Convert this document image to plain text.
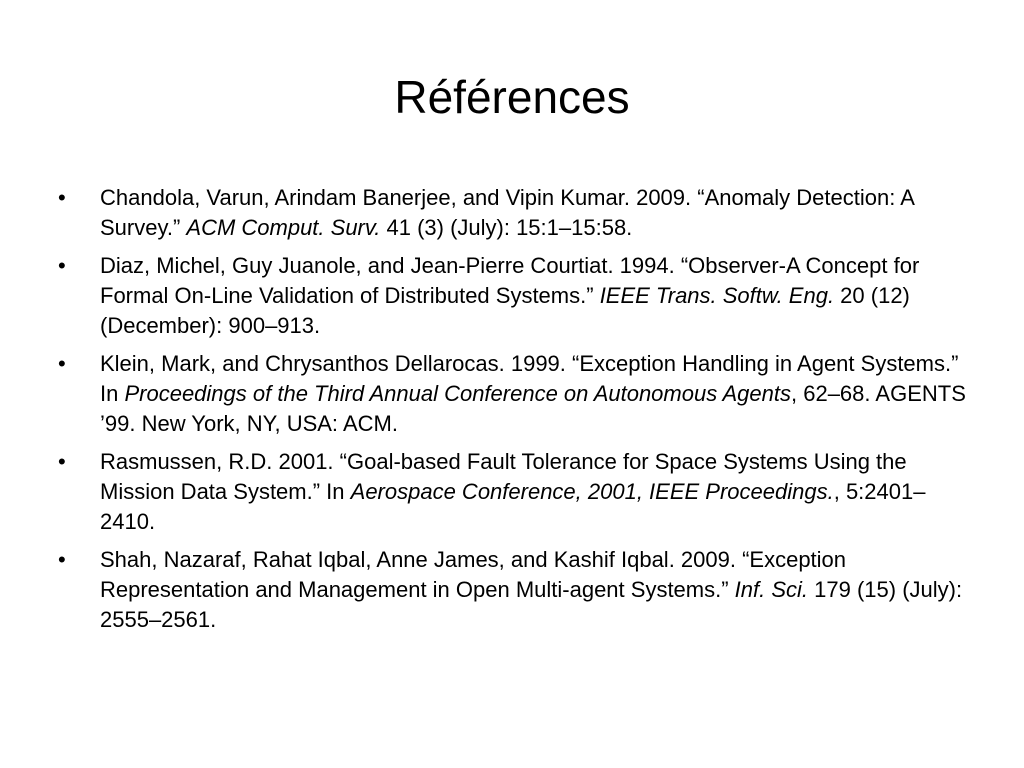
Références
•	Chandola, Varun, Arindam Banerjee, and Vipin Kumar. 2009. “Anomaly Detection: A Survey.” ACM Comput. Surv. 41 (3) (July): 15:1–15:58.
•	Diaz, Michel, Guy Juanole, and Jean-Pierre Courtiat. 1994. “Observer-A Concept for Formal On-Line Validation of Distributed Systems.” IEEE Trans. Softw. Eng. 20 (12) (December): 900–913.
•	Klein, Mark, and Chrysanthos Dellarocas. 1999. “Exception Handling in Agent Systems.” In Proceedings of the Third Annual Conference on Autonomous Agents, 62–68. AGENTS ’99. New York, NY, USA: ACM.
•	Rasmussen, R.D. 2001. “Goal-based Fault Tolerance for Space Systems Using the Mission Data System.” In Aerospace Conference, 2001, IEEE Proceedings., 5:2401–2410.
•	Shah, Nazaraf, Rahat Iqbal, Anne James, and Kashif Iqbal. 2009. “Exception Representation and Management in Open Multi-agent Systems.” Inf. Sci. 179 (15) (July): 2555–2561.
